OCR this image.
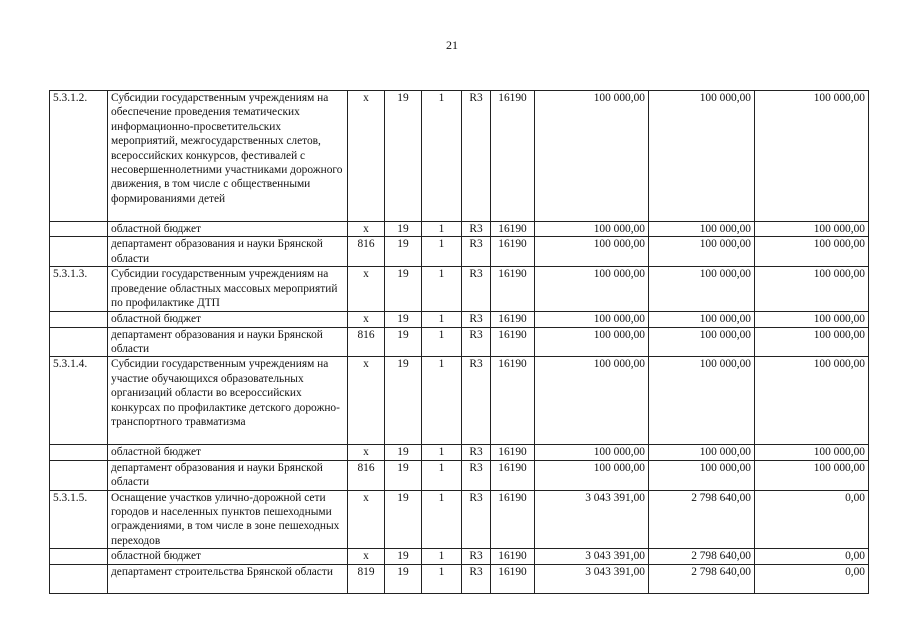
21
5.3.1.2.	Субсидии государственным учреждениям на обеспечение проведения тематических информационно-просветительских мероприятий, межгосударственных слетов, всероссийских конкурсов, фестивалей с несовершеннолетними участниками дорожного движения, в том числе с общественными формированиями детей	х	19	1	R3	16190	100 000,00	100 000,00	100 000,00
	областной бюджет	х	19	1	R3	16190	100 000,00	100 000,00	100 000,00
	департамент образования и науки Брянской области	816	19	1	R3	16190	100 000,00	100 000,00	100 000,00
5.3.1.3.	Субсидии государственным учреждениям на проведение областных массовых мероприятий по профилактике ДТП	х	19	1	R3	16190	100 000,00	100 000,00	100 000,00
	областной бюджет	х	19	1	R3	16190	100 000,00	100 000,00	100 000,00
	департамент образования и науки Брянской области	816	19	1	R3	16190	100 000,00	100 000,00	100 000,00
5.3.1.4.	Субсидии государственным учреждениям на участие обучающихся образовательных организаций области во всероссийских конкурсах по профилактике детского дорожно-транспортного травматизма	х	19	1	R3	16190	100 000,00	100 000,00	100 000,00
	областной бюджет	х	19	1	R3	16190	100 000,00	100 000,00	100 000,00
	департамент образования и науки Брянской области	816	19	1	R3	16190	100 000,00	100 000,00	100 000,00
5.3.1.5.	Оснащение участков улично-дорожной сети городов и населенных пунктов пешеходными ограждениями, в том числе в зоне пешеходных переходов	х	19	1	R3	16190	3 043 391,00	2 798 640,00	0,00
	областной бюджет	х	19	1	R3	16190	3 043 391,00	2 798 640,00	0,00
	департамент строительства Брянской области	819	19	1	R3	16190	3 043 391,00	2 798 640,00	0,00
